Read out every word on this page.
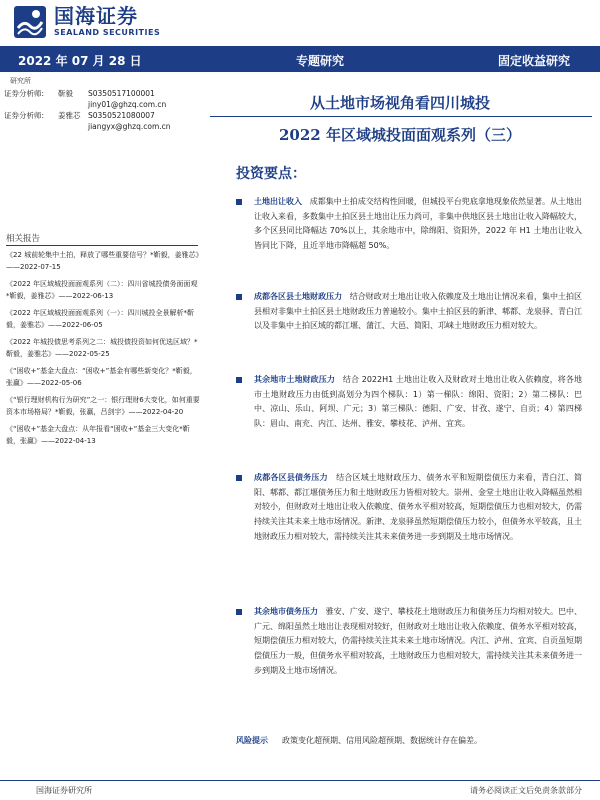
国海证券
SEALAND SECURITIES
2022 年 07 月 28 日	专题研究	固定收益研究
研究所
证券分析师:	靳毅	S0350517100001
jiny01@ghzq.com.cn
证券分析师:	姜雅芯	S0350521080007
jiangyx@ghzq.com.cn
从土地市场视角看四川城投
2022 年区域城投面面观系列（三）
投资要点：
相关报告

《22 城前轮集中土拍，释放了哪些重要信号？*靳毅，姜雅芯》——2022-07-15

《2022 年区域城投面面观系列（二）：四川省城投债务面面观*靳毅，姜雅芯》——2022-06-13

《2022 年区域城投面面观系列（一）：四川城投全景解析*靳毅，姜雅芯》——2022-06-05

《2022 年城投债思考系列之二：城投债投资如何优选区域？*靳毅，姜雅芯》——2022-05-25

《“困收+”基金大盘点：“困收+”基金有哪些新变化？*靳毅，张赢》——2022-05-06

《“银行理财机构行为研究”之一：银行理财6大变化，如何重要资本市场格局？*靳毅，张赢，吕剑宇》——2022-04-20

《“困收+”基金大盘点：从年报看“困收+”基金三大变化*靳毅，张赢》——2022-04-13

土地出让收入 成都集中土拍成交结构性回暖，但城投平台兜底拿地现象依然显著。从土地出让收入来看，多数集中土拍区县土地出让压力尚可，非集中供地区县土地出让收入降幅较大，多个区县同比降幅达 70%以上，其余地市中，除绵阳、资阳外，2022 年 H1 土地出让收入皆同比下降，且近半地市降幅超 50%。
成都各区县土地财政压力 结合财政对土地出让收入依赖度及土地出让情况来看，集中土拍区县相对非集中土拍区县土地财政压力普遍较小。集中土拍区县的新津、郫都、龙泉驿、青白江以及非集中土拍区域的都江堰、蒲江、大邑、简阳、邛崃土地财政压力相对较大。
其余地市土地财政压力 结合 2022H1 土地出让收入及财政对土地出让收入依赖度，将各地市土地财政压力由低到高划分为四个梯队：1）第一梯队：绵阳、资阳；2）第二梯队：巴中、凉山、乐山、阿坝、广元；3）第三梯队：德阳、广安、甘孜、遂宁、自贡；4）第四梯队：眉山、南充、内江、达州、雅安、攀枝花、泸州、宜宾。
成都各区县债务压力 结合区域土地财政压力、债务水平和短期偿债压力来看，青白江、简阳、郫都、都江堰债务压力和土地财政压力皆相对较大。崇州、金堂土地出让收入降幅虽然相对较小，但财政对土地出让收入依赖度、债务水平相对较高，短期偿债压力也相对较大，仍需持续关注其未来土地市场情况。新津、龙泉驿虽然短期偿债压力较小，但债务水平较高，且土地财政压力相对较大，需持续关注其未来债务进一步到期及土地市场情况。
其余地市债务压力 雅安、广安、遂宁、攀枝花土地财政压力和债务压力均相对较大。巴中、广元、绵阳虽然土地出让表现相对较好，但财政对土地出让收入依赖度、债务水平相对较高，短期偿债压力相对较大，仍需持续关注其未来土地市场情况。内江、泸州、宜宾、自贡虽短期偿债压力一般，但债务水平相对较高，土地财政压力也相对较大，需持续关注其未来债务进一步到期及土地市场情况。
风险提示 政策变化超预期、信用风险超预期、数据统计存在偏差。
国海证券研究所	请务必阅读正文后免责条款部分
